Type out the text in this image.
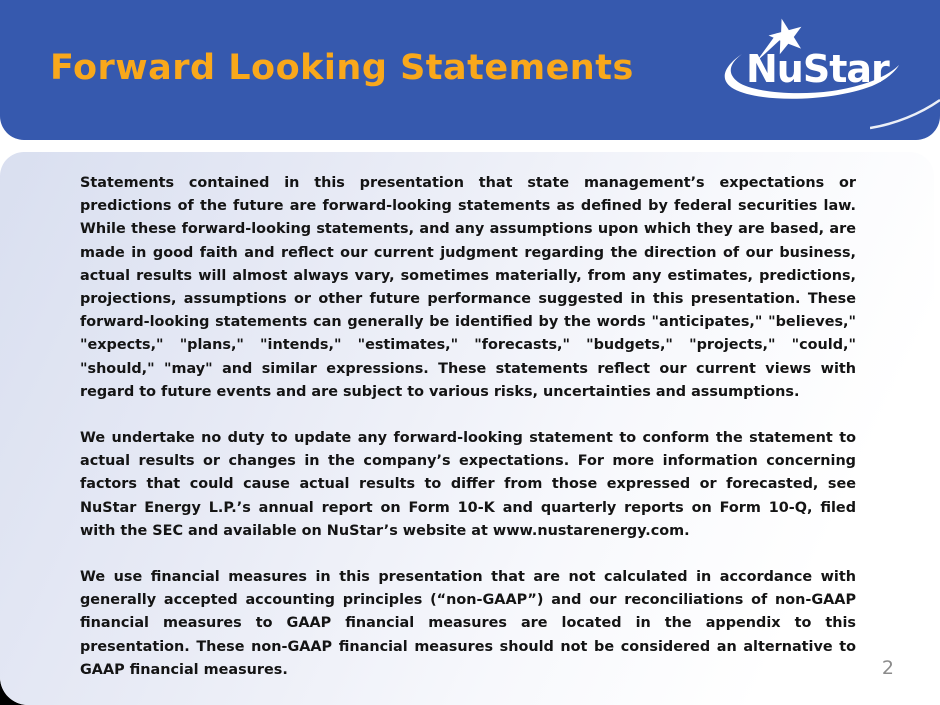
Forward Looking Statements	NuStar

Statements contained in this presentation that state management’s expectations or predictions of the future are forward-looking statements as defined by federal securities law. While these forward-looking statements, and any assumptions upon which they are based, are made in good faith and reflect our current judgment regarding the direction of our business, actual results will almost always vary, sometimes materially, from any estimates, predictions, projections, assumptions or other future performance suggested in this presentation. These forward-looking statements can generally be identified by the words "anticipates," "believes," "expects," "plans," "intends," "estimates," "forecasts," "budgets," "projects," "could," "should," "may" and similar expressions. These statements reflect our current views with regard to future events and are subject to various risks, uncertainties and assumptions.

We undertake no duty to update any forward-looking statement to conform the statement to actual results or changes in the company’s expectations. For more information concerning factors that could cause actual results to differ from those expressed or forecasted, see NuStar Energy L.P.’s annual report on Form 10-K and quarterly reports on Form 10-Q, filed with the SEC and available on NuStar’s website at www.nustarenergy.com.

We use financial measures in this presentation that are not calculated in accordance with generally accepted accounting principles (“non-GAAP”) and our reconciliations of non-GAAP financial measures to GAAP financial measures are located in the appendix to this presentation. These non-GAAP financial measures should not be considered an alternative to GAAP financial measures.	2
